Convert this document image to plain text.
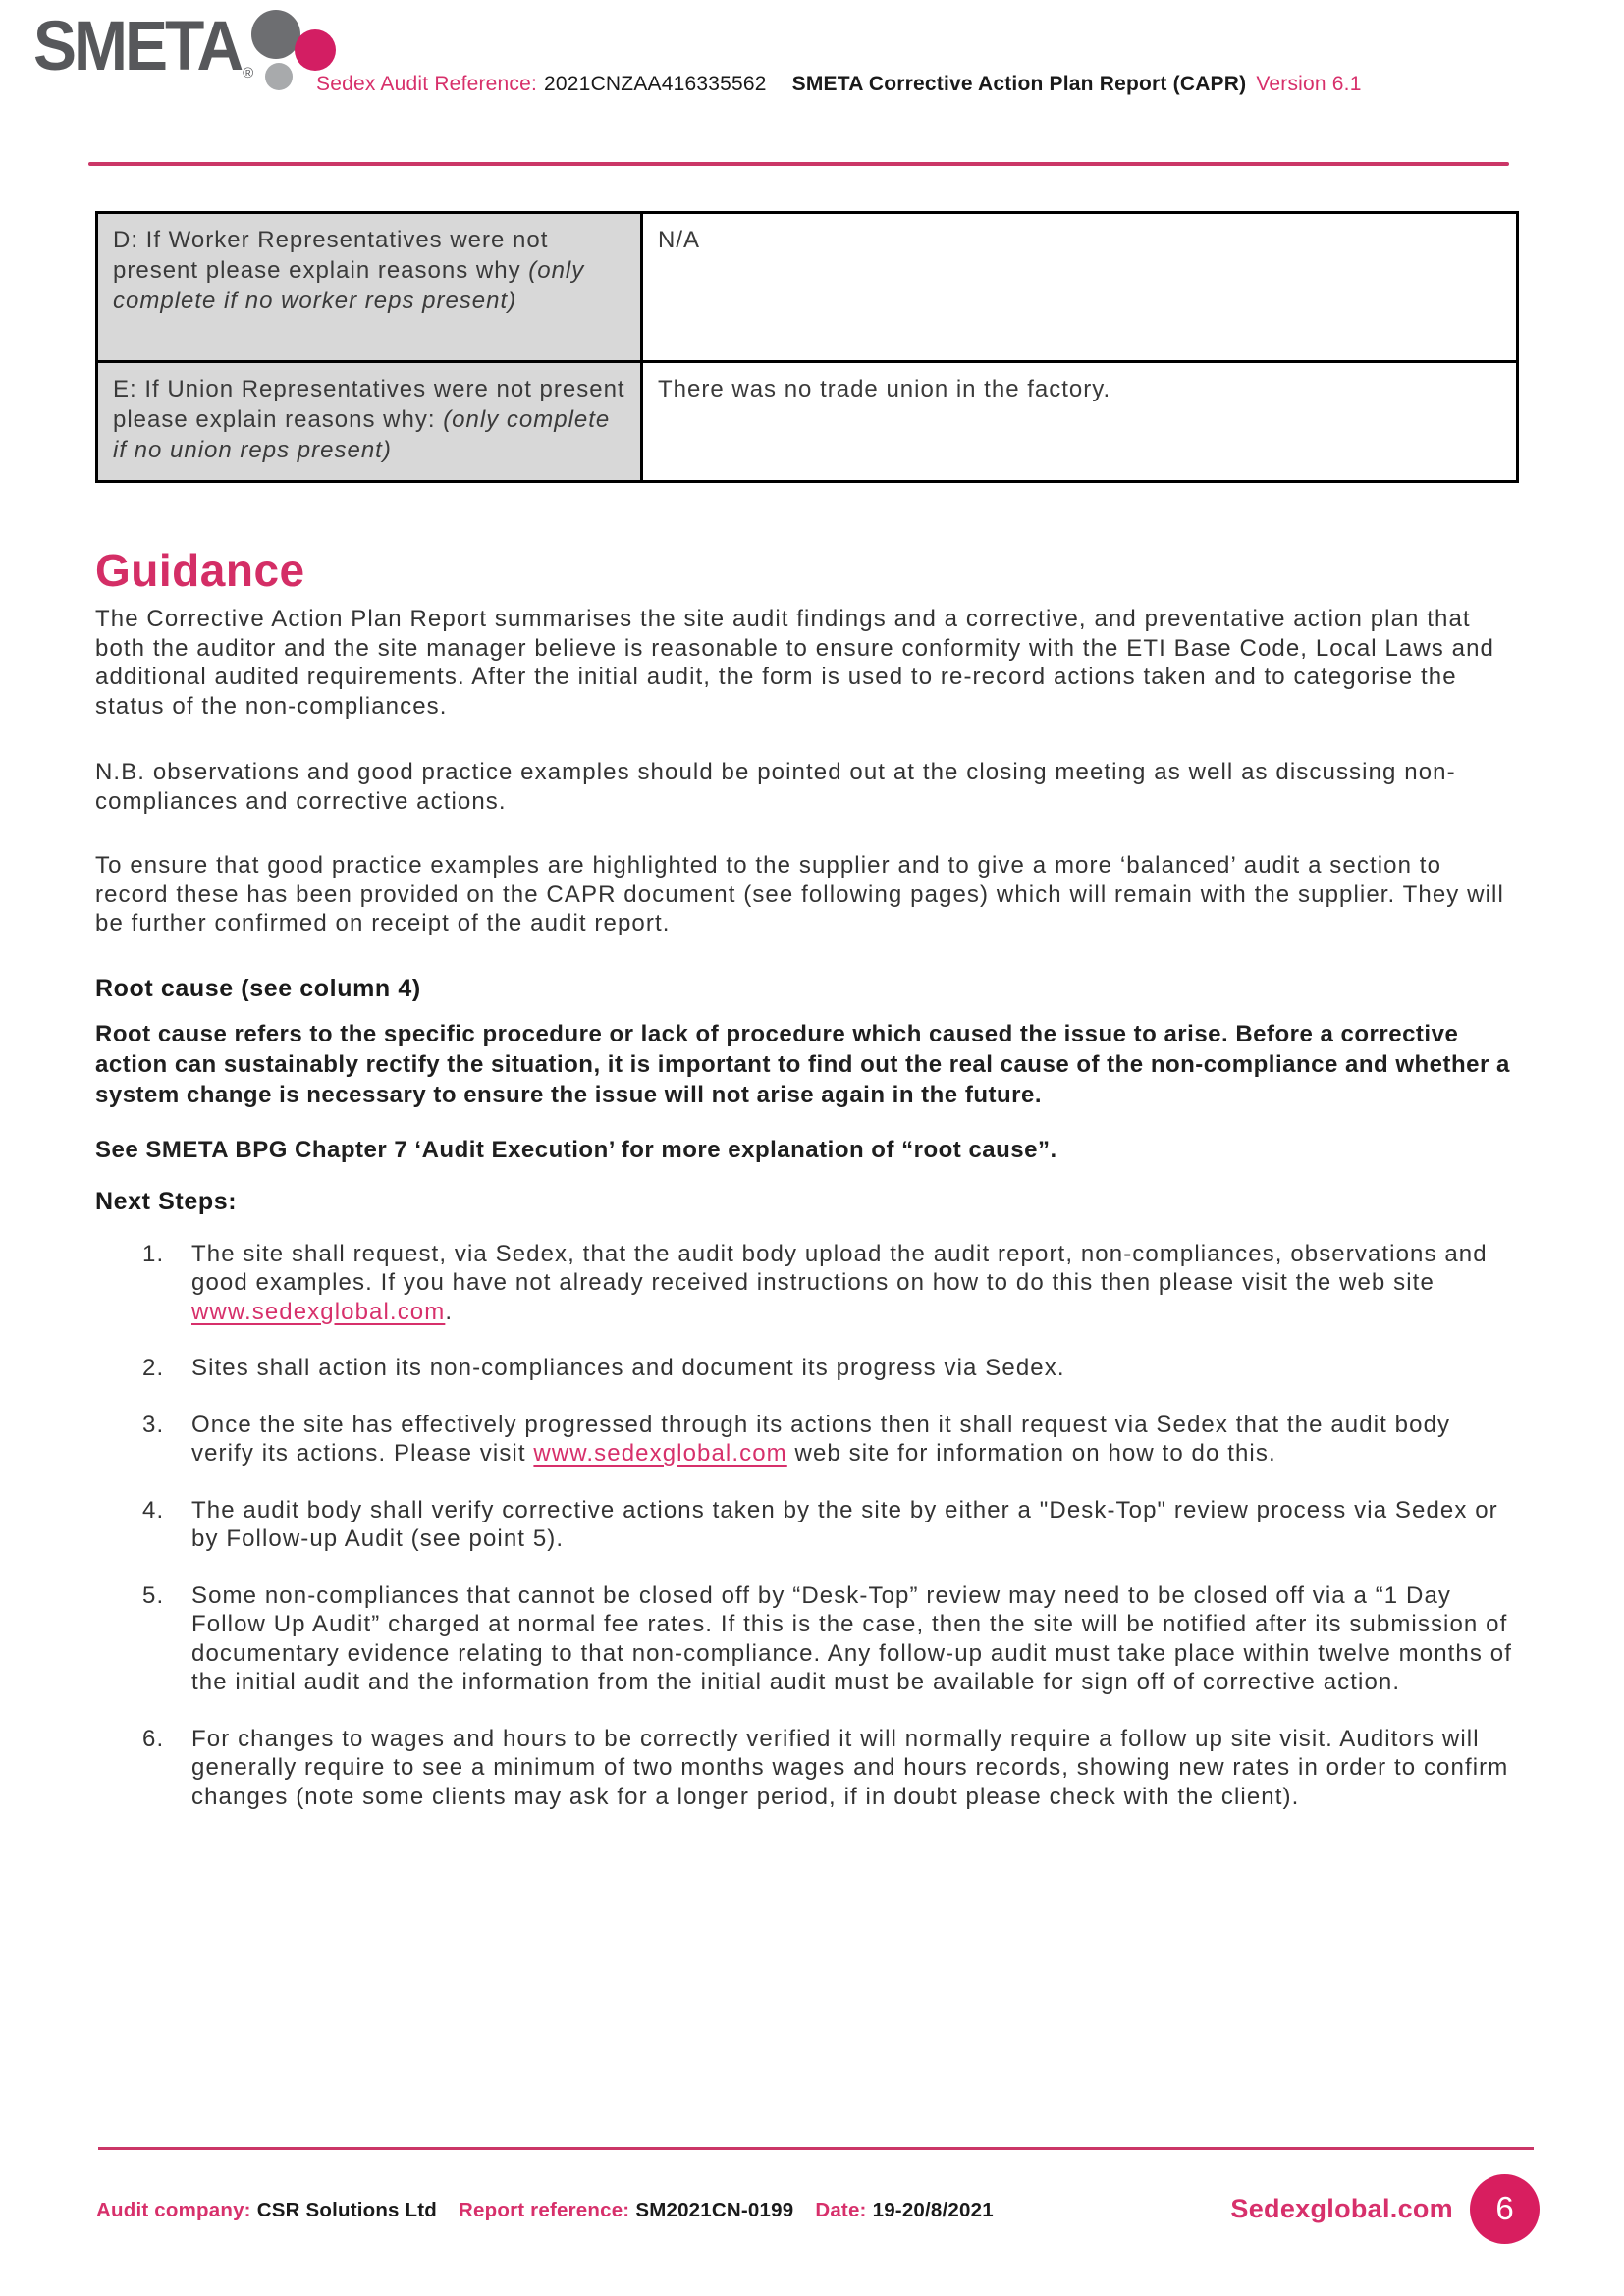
SMETA ®	Sedex Audit Reference: 2021CNZAA416335562 SMETA Corrective Action Plan Report (CAPR) Version 6.1
D: If Worker Representatives were not present please explain reasons why (only complete if no worker reps present)	N/A
E: If Union Representatives were not present please explain reasons why: (only complete if no union reps present)	There was no trade union in the factory.
Guidance

The Corrective Action Plan Report summarises the site audit findings and a corrective, and preventative action plan that both the auditor and the site manager believe is reasonable to ensure conformity with the ETI Base Code, Local Laws and additional audited requirements. After the initial audit, the form is used to re-record actions taken and to categorise the status of the non-compliances.

N.B. observations and good practice examples should be pointed out at the closing meeting as well as discussing non-compliances and corrective actions.

To ensure that good practice examples are highlighted to the supplier and to give a more ‘balanced’ audit a section to record these has been provided on the CAPR document (see following pages) which will remain with the supplier. They will be further confirmed on receipt of the audit report.

Root cause (see column 4)

Root cause refers to the specific procedure or lack of procedure which caused the issue to arise. Before a corrective action can sustainably rectify the situation, it is important to find out the real cause of the non-compliance and whether a system change is necessary to ensure the issue will not arise again in the future.

See SMETA BPG Chapter 7 ‘Audit Execution’ for more explanation of “root cause”.

Next Steps:
1.	The site shall request, via Sedex, that the audit body upload the audit report, non-compliances, observations and good examples. If you have not already received instructions on how to do this then please visit the web site www.sedexglobal.com.
2.	Sites shall action its non-compliances and document its progress via Sedex.
3.	Once the site has effectively progressed through its actions then it shall request via Sedex that the audit body verify its actions. Please visit www.sedexglobal.com web site for information on how to do this.
4.	The audit body shall verify corrective actions taken by the site by either a "Desk-Top" review process via Sedex or by Follow-up Audit (see point 5).
5.	Some non-compliances that cannot be closed off by “Desk-Top” review may need to be closed off via a “1 Day Follow Up Audit” charged at normal fee rates. If this is the case, then the site will be notified after its submission of documentary evidence relating to that non-compliance. Any follow-up audit must take place within twelve months of the initial audit and the information from the initial audit must be available for sign off of corrective action.
6.	For changes to wages and hours to be correctly verified it will normally require a follow up site visit. Auditors will generally require to see a minimum of two months wages and hours records, showing new rates in order to confirm changes (note some clients may ask for a longer period, if in doubt please check with the client).
Audit company: CSR Solutions Ltd Report reference: SM2021CN-0199 Date: 19-20/8/2021	Sedexglobal.com	6
